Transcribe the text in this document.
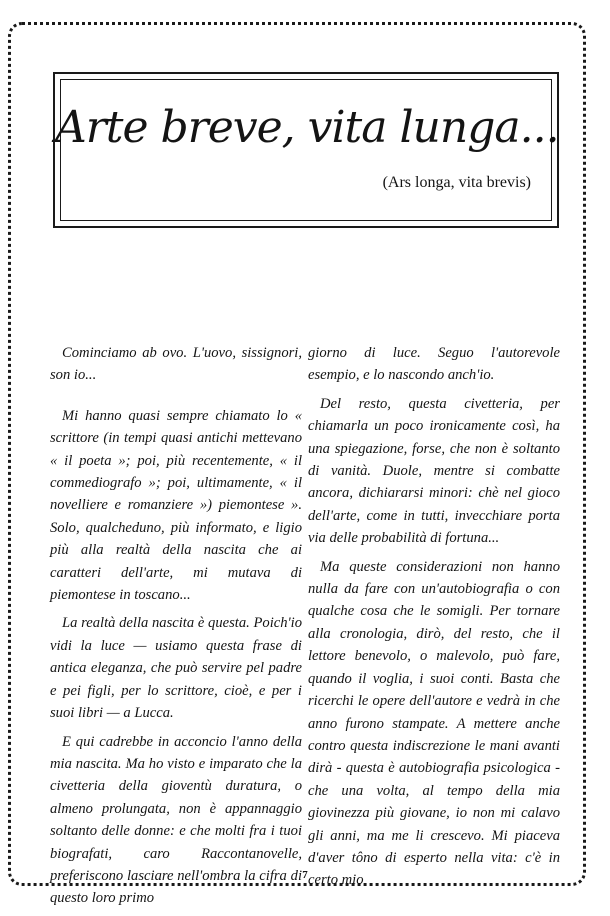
Arte breve, vita lunga...

(Ars longa, vita brevis)

Cominciamo ab ovo. L'uovo, sissignori, son io...

Mi hanno quasi sempre chiamato lo « scrittore (in tempi quasi antichi mettevano « il poeta »; poi, più recentemente, « il commediografo »; poi, ultimamente, « il novelliere e romanziere ») piemontese ». Solo, qualcheduno, più informato, e ligio più alla realtà della nascita che ai caratteri dell'arte, mi mutava di piemontese in toscano...

La realtà della nascita è questa. Poich'io vidi la luce — usiamo questa frase di antica eleganza, che può servire pel padre e pei figli, per lo scrittore, cioè, e per i suoi libri — a Lucca.

E qui cadrebbe in acconcio l'anno della mia nascita. Ma ho visto e imparato che la civetteria della gioventù duratura, o almeno prolungata, non è appannaggio soltanto delle donne: e che molti fra i tuoi biografati, caro Raccontanovelle, preferiscono lasciare nell'ombra la cifra di questo loro primo

giorno di luce. Seguo l'autorevole esempio, e lo nascondo anch'io.

Del resto, questa civetteria, per chiamarla un poco ironicamente così, ha una spiegazione, forse, che non è soltanto di vanità. Duole, mentre si combatte ancora, dichiararsi minori: chè nel gioco dell'arte, come in tutti, invecchiare porta via delle probabilità di fortuna...

Ma queste considerazioni non hanno nulla da fare con un'autobiografia o con qualche cosa che le somigli. Per tornare alla cronologia, dirò, del resto, che il lettore benevolo, o malevolo, può fare, quando il voglia, i suoi conti. Basta che ricerchi le opere dell'autore e vedrà in che anno furono stampate. A mettere anche contro questa indiscrezione le mani avanti dirà - questa è autobiografia psicologica - che una volta, al tempo della mia giovinezza più giovane, io non mi calavo gli anni, ma me li crescevo. Mi piaceva d'aver tôno di esperto nella vita: c'è in certo mio

7
